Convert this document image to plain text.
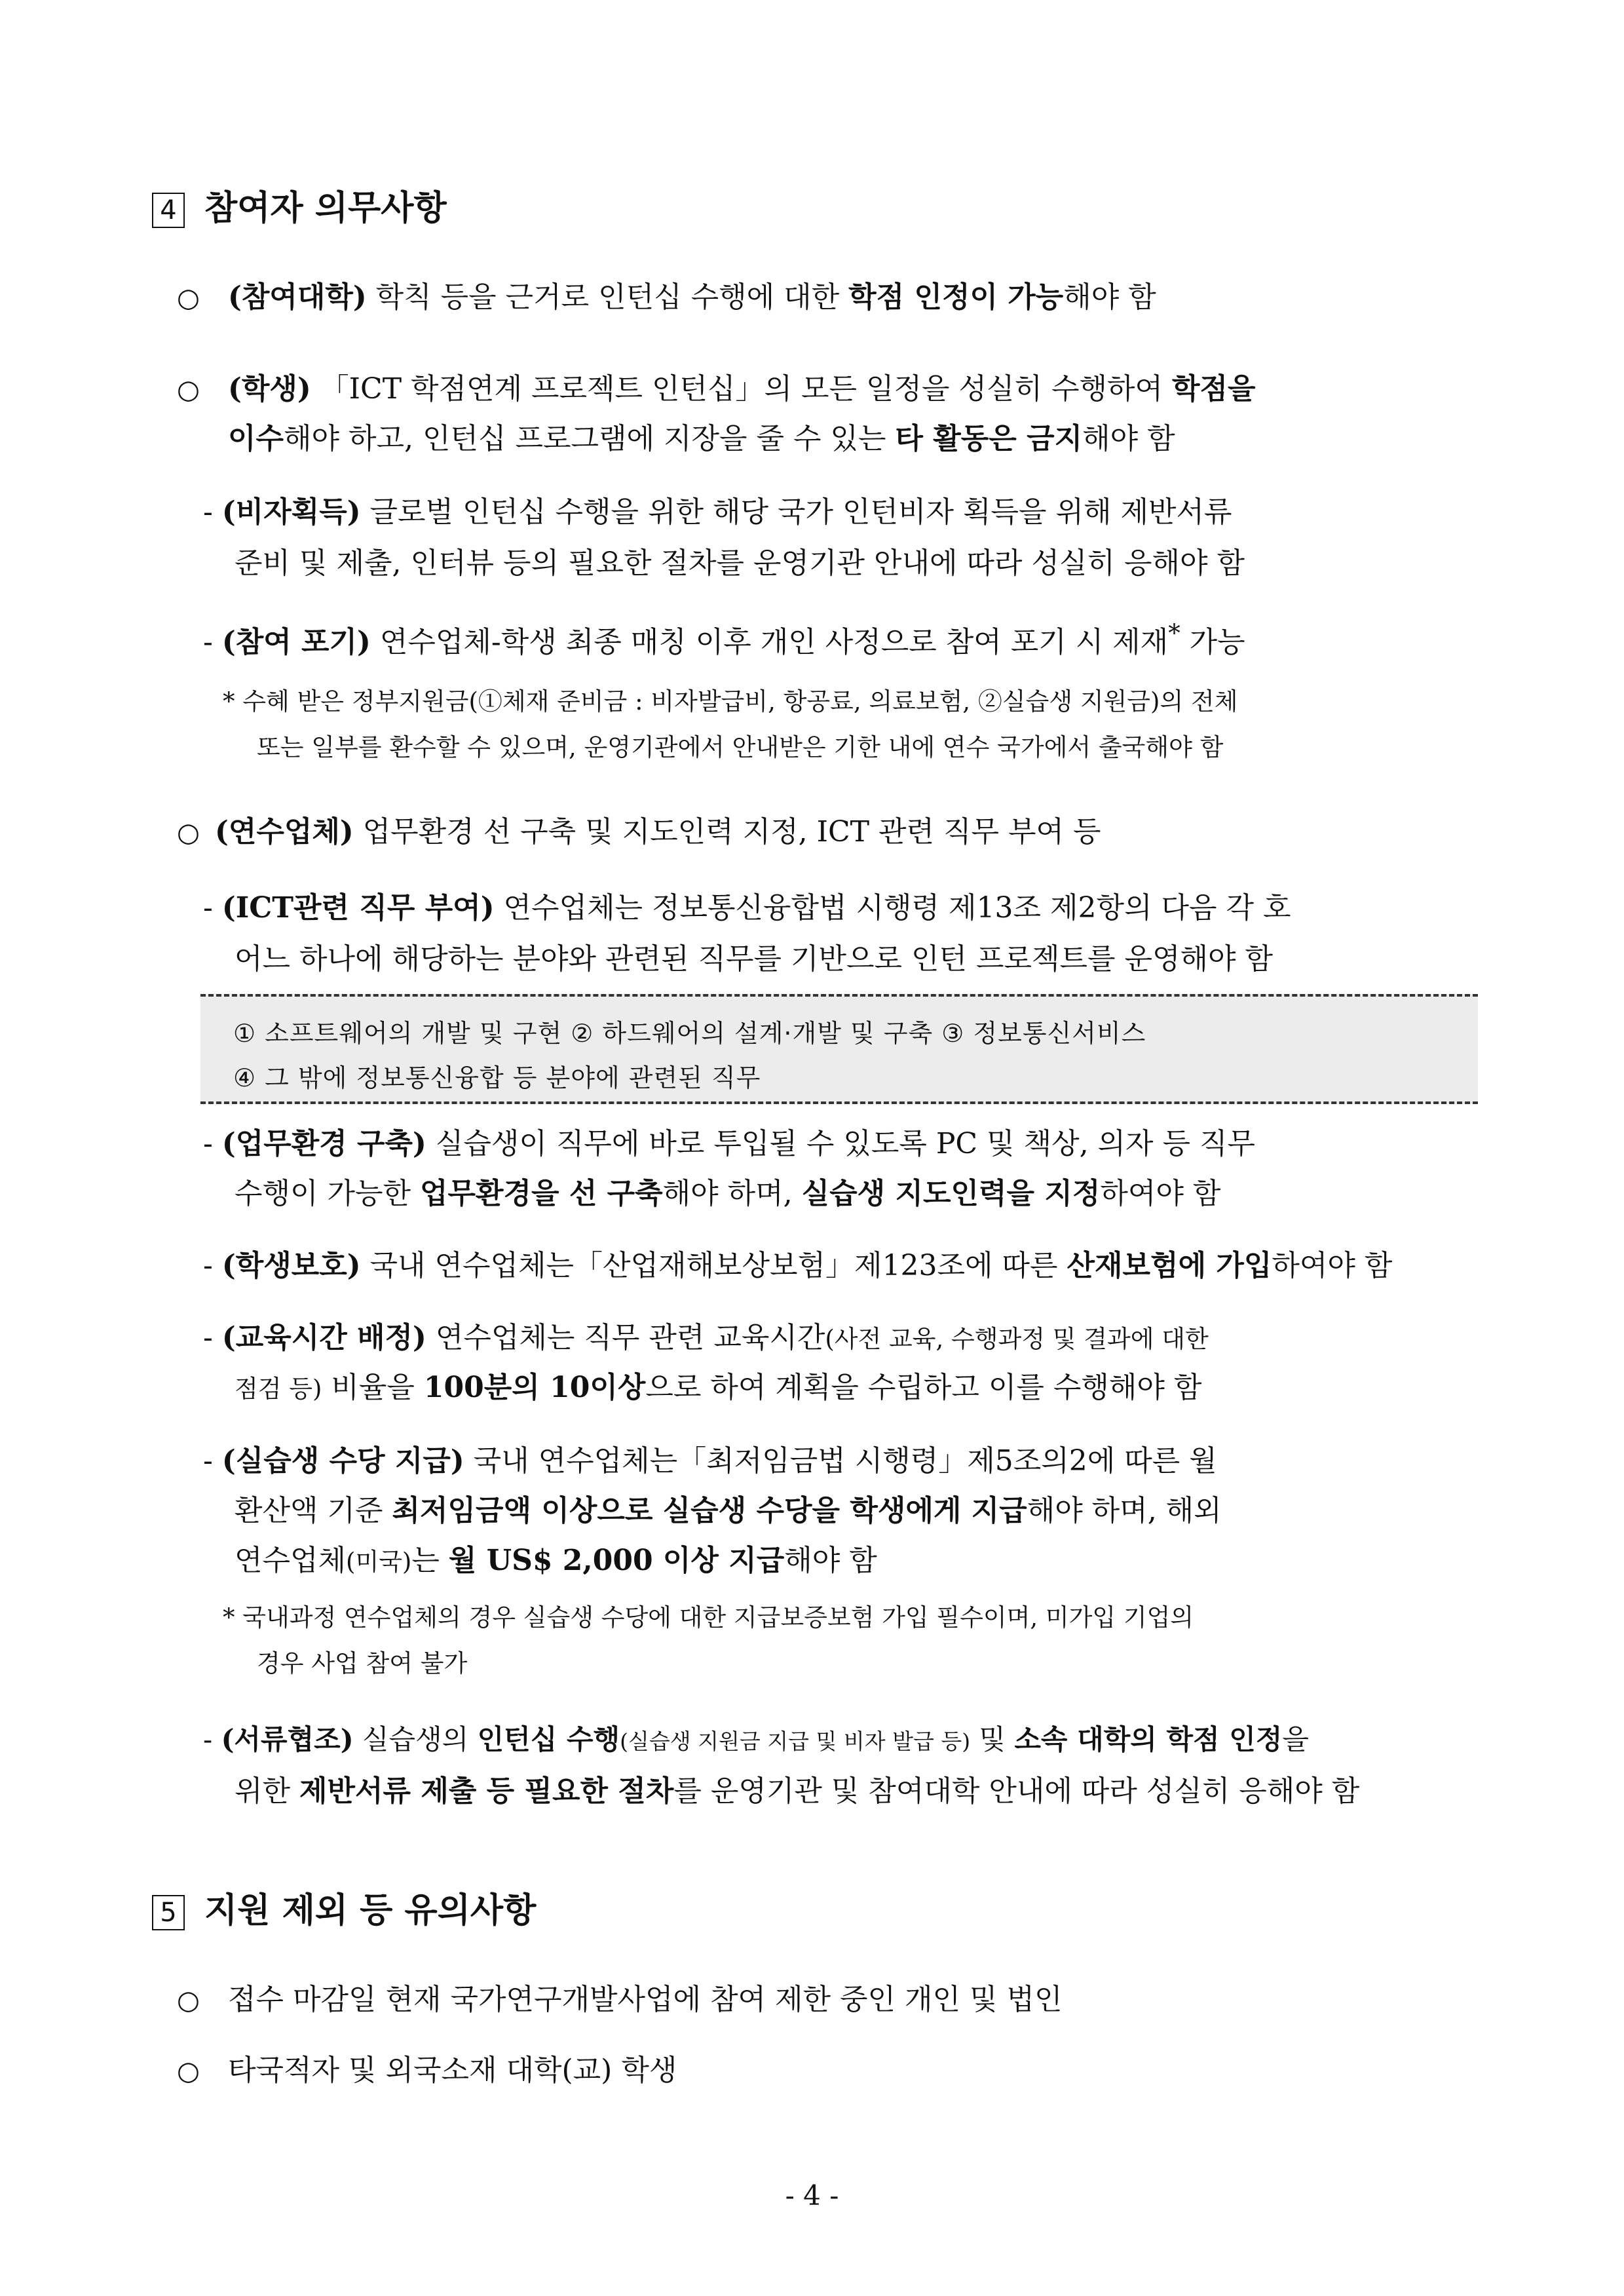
4 참여자 의무사항
○ (참여대학) 학칙 등을 근거로 인턴십 수행에 대한 학점 인정이 가능해야 함
○ (학생) 「ICT 학점연계 프로젝트 인턴십」의 모든 일정을 성실히 수행하여 학점을
이수해야 하고, 인턴십 프로그램에 지장을 줄 수 있는 타 활동은 금지해야 함
- (비자획득) 글로벌 인턴십 수행을 위한 해당 국가 인턴비자 획득을 위해 제반서류
준비 및 제출, 인터뷰 등의 필요한 절차를 운영기관 안내에 따라 성실히 응해야 함
- (참여 포기) 연수업체-학생 최종 매칭 이후 개인 사정으로 참여 포기 시 제재* 가능
* 수혜 받은 정부지원금(①체재 준비금 : 비자발급비, 항공료, 의료보험, ②실습생 지원금)의 전체
또는 일부를 환수할 수 있으며, 운영기관에서 안내받은 기한 내에 연수 국가에서 출국해야 함
○ (연수업체) 업무환경 선 구축 및 지도인력 지정, ICT 관련 직무 부여 등
- (ICT관련 직무 부여) 연수업체는 정보통신융합법 시행령 제13조 제2항의 다음 각 호
어느 하나에 해당하는 분야와 관련된 직무를 기반으로 인턴 프로젝트를 운영해야 함
① 소프트웨어의 개발 및 구현 ② 하드웨어의 설계·개발 및 구축 ③ 정보통신서비스
④ 그 밖에 정보통신융합 등 분야에 관련된 직무
- (업무환경 구축) 실습생이 직무에 바로 투입될 수 있도록 PC 및 책상, 의자 등 직무
수행이 가능한 업무환경을 선 구축해야 하며, 실습생 지도인력을 지정하여야 함
- (학생보호) 국내 연수업체는「산업재해보상보험」제123조에 따른 산재보험에 가입하여야 함
- (교육시간 배정) 연수업체는 직무 관련 교육시간(사전 교육, 수행과정 및 결과에 대한
점검 등) 비율을 100분의 10이상으로 하여 계획을 수립하고 이를 수행해야 함
- (실습생 수당 지급) 국내 연수업체는「최저임금법 시행령」제5조의2에 따른 월
환산액 기준 최저임금액 이상으로 실습생 수당을 학생에게 지급해야 하며, 해외
연수업체(미국)는 월 US$ 2,000 이상 지급해야 함
* 국내과정 연수업체의 경우 실습생 수당에 대한 지급보증보험 가입 필수이며, 미가입 기업의
경우 사업 참여 불가
- (서류협조) 실습생의 인턴십 수행(실습생 지원금 지급 및 비자 발급 등) 및 소속 대학의 학점 인정을
위한 제반서류 제출 등 필요한 절차를 운영기관 및 참여대학 안내에 따라 성실히 응해야 함
5 지원 제외 등 유의사항
○ 접수 마감일 현재 국가연구개발사업에 참여 제한 중인 개인 및 법인
○ 타국적자 및 외국소재 대학(교) 학생
- 4 -
